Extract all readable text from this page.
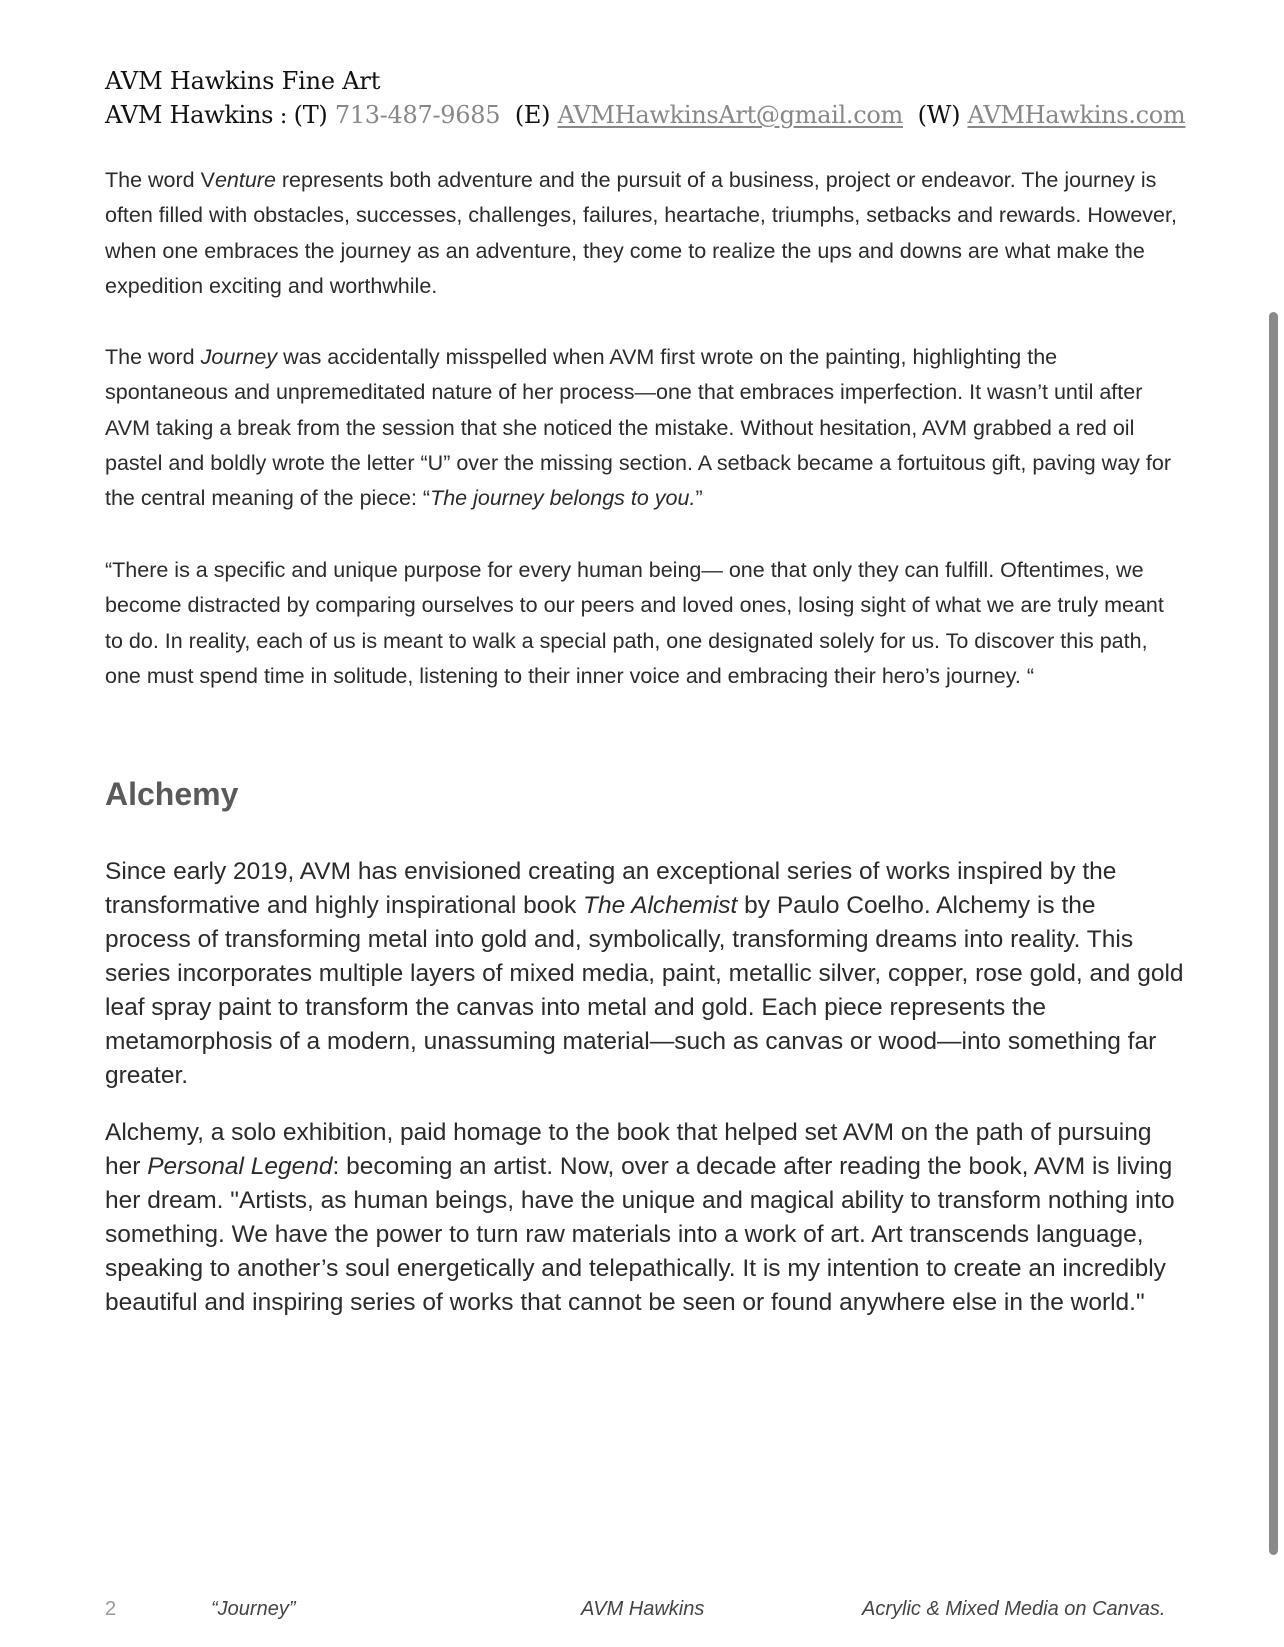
AVM Hawkins Fine Art
AVM Hawkins : (T) 713-487-9685 (E) AVMHawkinsArt@gmail.com (W) AVMHawkins.com

The word Venture represents both adventure and the pursuit of a business, project or endeavor. The journey is often filled with obstacles, successes, challenges, failures, heartache, triumphs, setbacks and rewards. However, when one embraces the journey as an adventure, they come to realize the ups and downs are what make the expedition exciting and worthwhile.

The word Journey was accidentally misspelled when AVM first wrote on the painting, highlighting the spontaneous and unpremeditated nature of her process—one that embraces imperfection. It wasn’t until after AVM taking a break from the session that she noticed the mistake. Without hesitation, AVM grabbed a red oil pastel and boldly wrote the letter “U” over the missing section. A setback became a fortuitous gift, paving way for the central meaning of the piece: “The journey belongs to you.”

“There is a specific and unique purpose for every human being— one that only they can fulfill. Oftentimes, we become distracted by comparing ourselves to our peers and loved ones, losing sight of what we are truly meant to do. In reality, each of us is meant to walk a special path, one designated solely for us. To discover this path, one must spend time in solitude, listening to their inner voice and embracing their hero’s journey. “

Alchemy

Since early 2019, AVM has envisioned creating an exceptional series of works inspired by the transformative and highly inspirational book The Alchemist by Paulo Coelho. Alchemy is the process of transforming metal into gold and, symbolically, transforming dreams into reality. This series incorporates multiple layers of mixed media, paint, metallic silver, copper, rose gold, and gold leaf spray paint to transform the canvas into metal and gold. Each piece represents the metamorphosis of a modern, unassuming material—such as canvas or wood—into something far greater.

Alchemy, a solo exhibition, paid homage to the book that helped set AVM on the path of pursuing her Personal Legend: becoming an artist. Now, over a decade after reading the book, AVM is living her dream. "Artists, as human beings, have the unique and magical ability to transform nothing into something. We have the power to turn raw materials into a work of art. Art transcends language, speaking to another’s soul energetically and telepathically. It is my intention to create an incredibly beautiful and inspiring series of works that cannot be seen or found anywhere else in the world."

2	“Journey”	AVM Hawkins	Acrylic & Mixed Media on Canvas.
